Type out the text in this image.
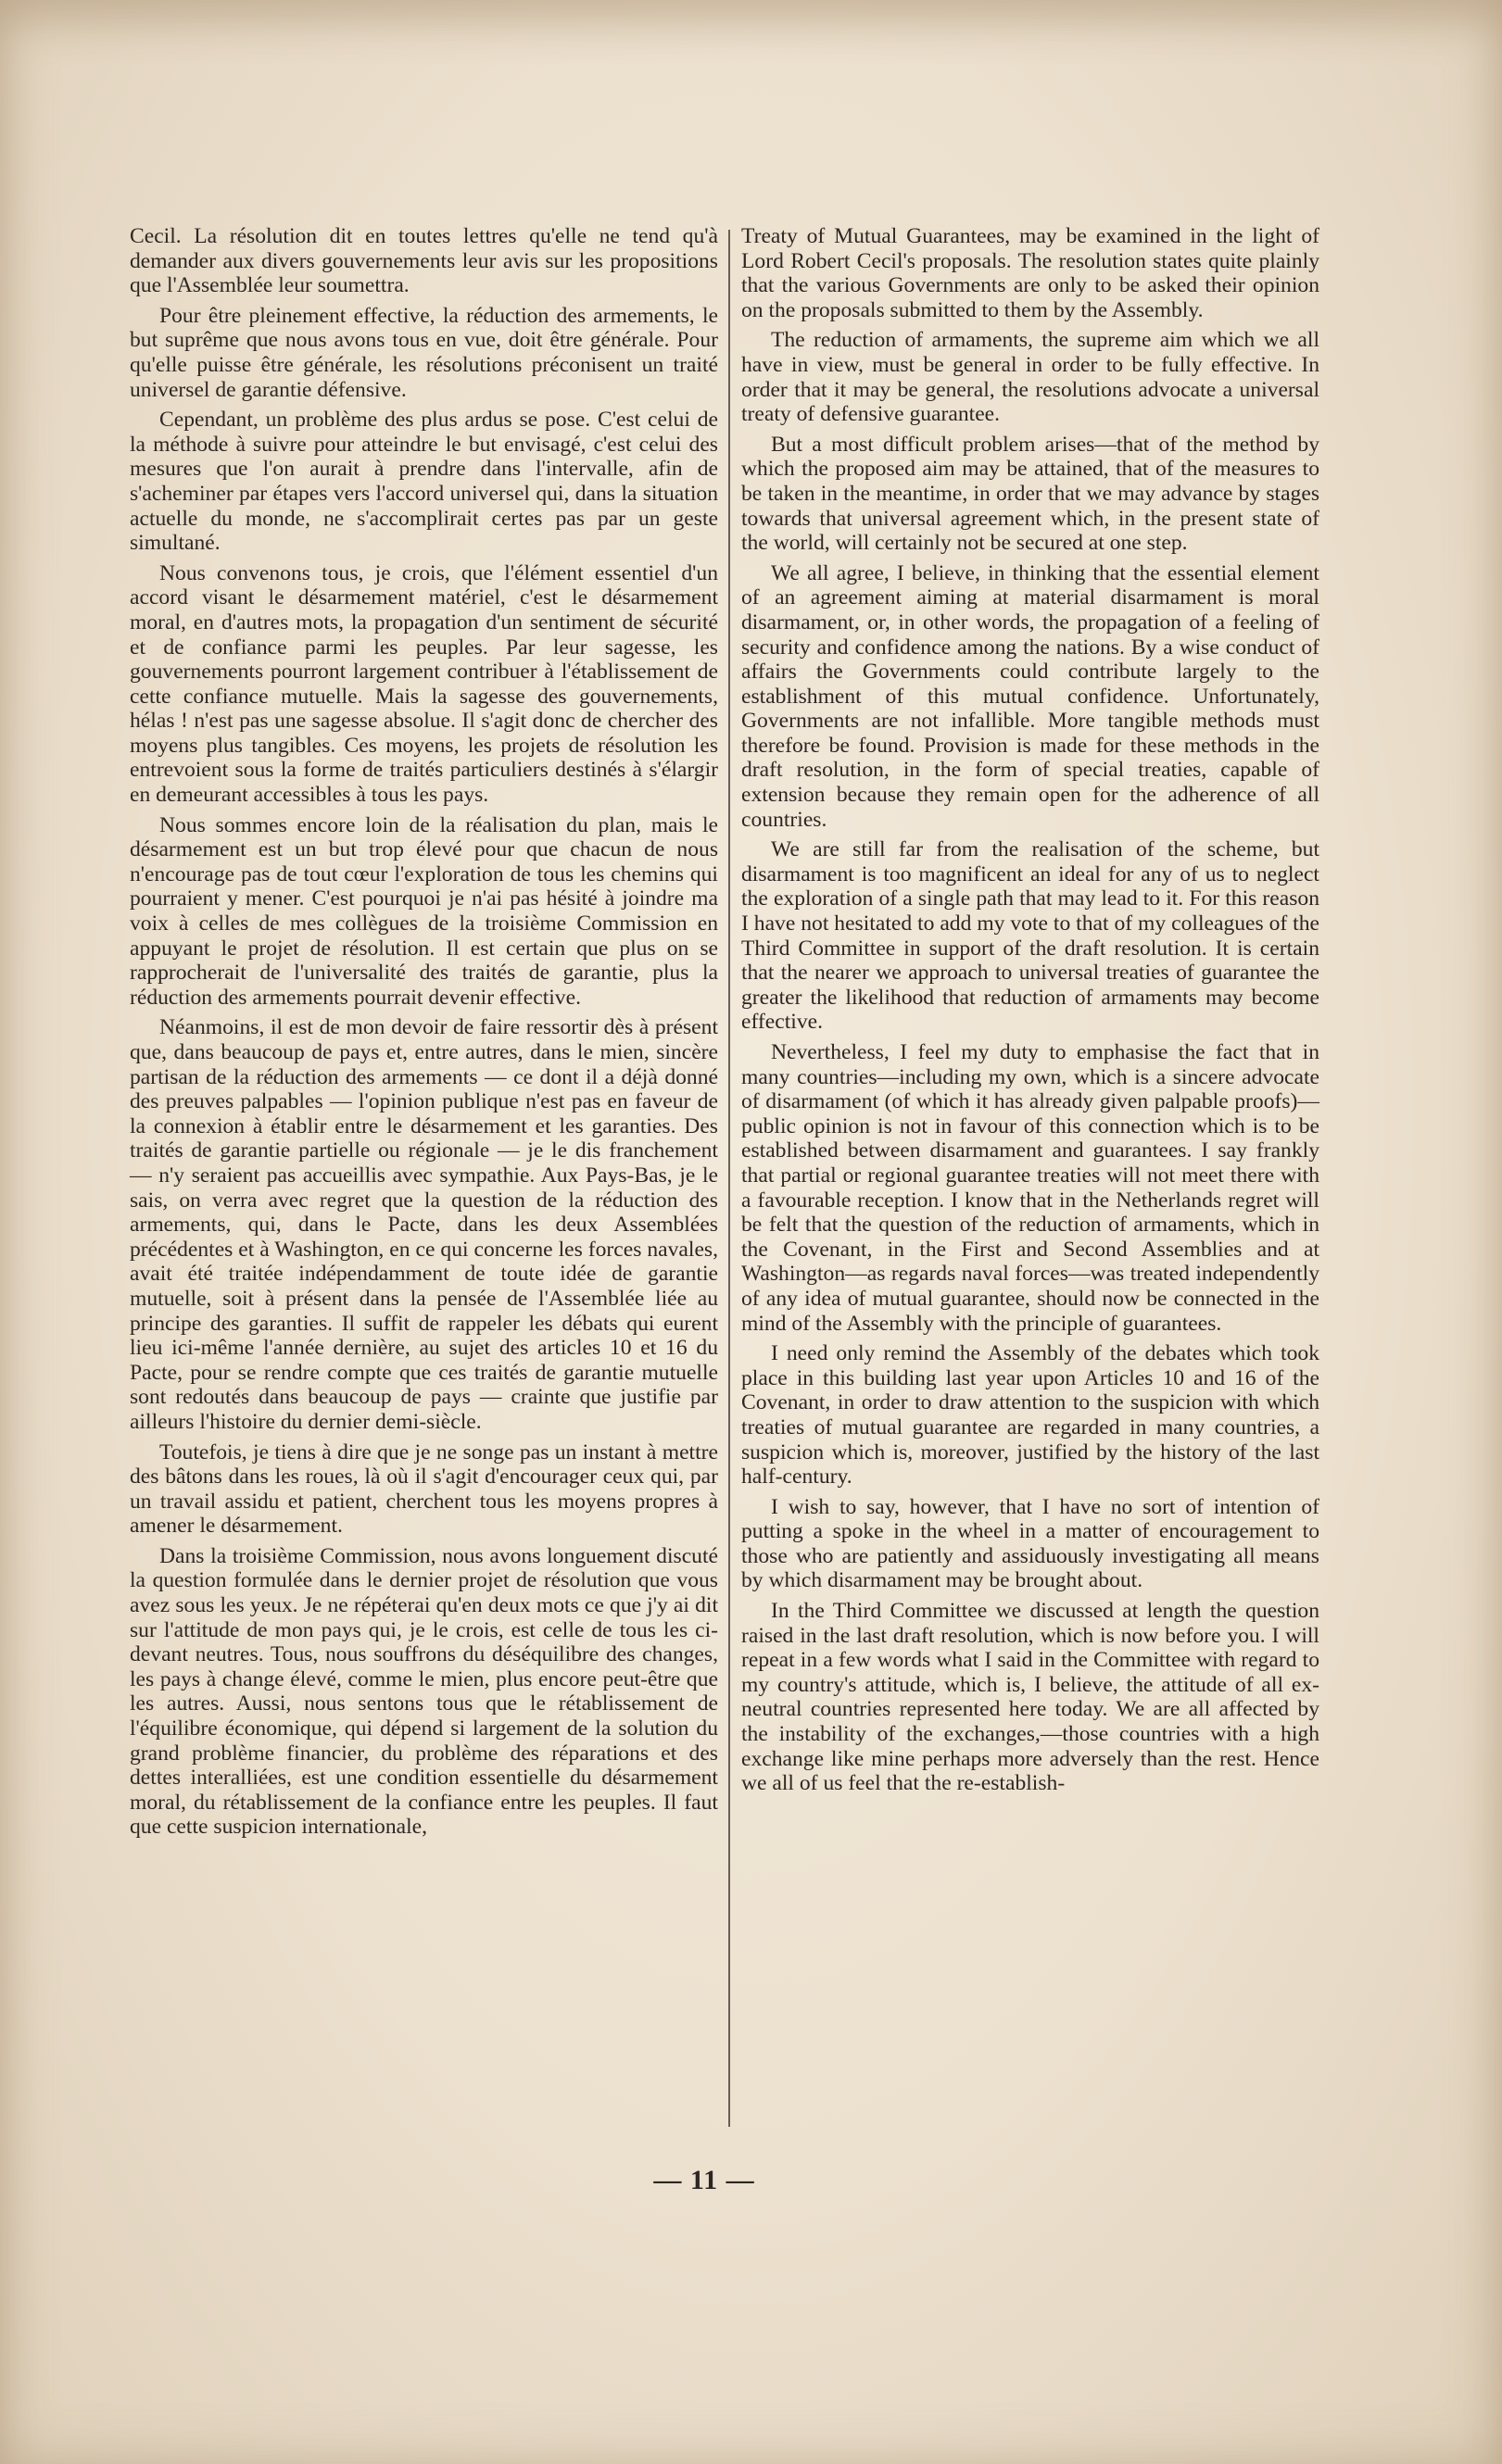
Cecil. La résolution dit en toutes lettres qu'elle ne tend qu'à demander aux divers gouvernements leur avis sur les propositions que l'Assemblée leur soumettra.

Pour être pleinement effective, la réduction des armements, le but suprême que nous avons tous en vue, doit être générale. Pour qu'elle puisse être générale, les résolutions préconisent un traité universel de garantie défensive.

Cependant, un problème des plus ardus se pose. C'est celui de la méthode à suivre pour atteindre le but envisagé, c'est celui des mesures que l'on aurait à prendre dans l'intervalle, afin de s'acheminer par étapes vers l'accord universel qui, dans la situation actuelle du monde, ne s'accomplirait certes pas par un geste simultané.

Nous convenons tous, je crois, que l'élément essentiel d'un accord visant le désarmement matériel, c'est le désarmement moral, en d'autres mots, la propagation d'un sentiment de sécurité et de confiance parmi les peuples. Par leur sagesse, les gouvernements pourront largement contribuer à l'établissement de cette confiance mutuelle. Mais la sagesse des gouvernements, hélas ! n'est pas une sagesse absolue. Il s'agit donc de chercher des moyens plus tangibles. Ces moyens, les projets de résolution les entrevoient sous la forme de traités particuliers destinés à s'élargir en demeurant accessibles à tous les pays.

Nous sommes encore loin de la réalisation du plan, mais le désarmement est un but trop élevé pour que chacun de nous n'encourage pas de tout cœur l'exploration de tous les chemins qui pourraient y mener. C'est pourquoi je n'ai pas hésité à joindre ma voix à celles de mes collègues de la troisième Commission en appuyant le projet de résolution. Il est certain que plus on se rapprocherait de l'universalité des traités de garantie, plus la réduction des armements pourrait devenir effective.

Néanmoins, il est de mon devoir de faire ressortir dès à présent que, dans beaucoup de pays et, entre autres, dans le mien, sincère partisan de la réduction des armements — ce dont il a déjà donné des preuves palpables — l'opinion publique n'est pas en faveur de la connexion à établir entre le désarmement et les garanties. Des traités de garantie partielle ou régionale — je le dis franchement — n'y seraient pas accueillis avec sympathie. Aux Pays-Bas, je le sais, on verra avec regret que la question de la réduction des armements, qui, dans le Pacte, dans les deux Assemblées précédentes et à Washington, en ce qui concerne les forces navales, avait été traitée indépendamment de toute idée de garantie mutuelle, soit à présent dans la pensée de l'Assemblée liée au principe des garanties. Il suffit de rappeler les débats qui eurent lieu ici-même l'année dernière, au sujet des articles 10 et 16 du Pacte, pour se rendre compte que ces traités de garantie mutuelle sont redoutés dans beaucoup de pays — crainte que justifie par ailleurs l'histoire du dernier demi-siècle.

Toutefois, je tiens à dire que je ne songe pas un instant à mettre des bâtons dans les roues, là où il s'agit d'encourager ceux qui, par un travail assidu et patient, cherchent tous les moyens propres à amener le désarmement.

Dans la troisième Commission, nous avons longuement discuté la question formulée dans le dernier projet de résolution que vous avez sous les yeux. Je ne répéterai qu'en deux mots ce que j'y ai dit sur l'attitude de mon pays qui, je le crois, est celle de tous les ci-devant neutres. Tous, nous souffrons du déséquilibre des changes, les pays à change élevé, comme le mien, plus encore peut-être que les autres. Aussi, nous sentons tous que le rétablissement de l'équilibre économique, qui dépend si largement de la solution du grand problème financier, du problème des réparations et des dettes interalliées, est une condition essentielle du désarmement moral, du rétablissement de la confiance entre les peuples. Il faut que cette suspicion internationale,

Treaty of Mutual Guarantees, may be examined in the light of Lord Robert Cecil's proposals. The resolution states quite plainly that the various Governments are only to be asked their opinion on the proposals submitted to them by the Assembly.

The reduction of armaments, the supreme aim which we all have in view, must be general in order to be fully effective. In order that it may be general, the resolutions advocate a universal treaty of defensive guarantee.

But a most difficult problem arises—that of the method by which the proposed aim may be attained, that of the measures to be taken in the meantime, in order that we may advance by stages towards that universal agreement which, in the present state of the world, will certainly not be secured at one step.

We all agree, I believe, in thinking that the essential element of an agreement aiming at material disarmament is moral disarmament, or, in other words, the propagation of a feeling of security and confidence among the nations. By a wise conduct of affairs the Governments could contribute largely to the establishment of this mutual confidence. Unfortunately, Governments are not infallible. More tangible methods must therefore be found. Provision is made for these methods in the draft resolution, in the form of special treaties, capable of extension because they remain open for the adherence of all countries.

We are still far from the realisation of the scheme, but disarmament is too magnificent an ideal for any of us to neglect the exploration of a single path that may lead to it. For this reason I have not hesitated to add my vote to that of my colleagues of the Third Committee in support of the draft resolution. It is certain that the nearer we approach to universal treaties of guarantee the greater the likelihood that reduction of armaments may become effective.

Nevertheless, I feel my duty to emphasise the fact that in many countries—including my own, which is a sincere advocate of disarmament (of which it has already given palpable proofs)—public opinion is not in favour of this connection which is to be established between disarmament and guarantees. I say frankly that partial or regional guarantee treaties will not meet there with a favourable reception. I know that in the Netherlands regret will be felt that the question of the reduction of armaments, which in the Covenant, in the First and Second Assemblies and at Washington—as regards naval forces—was treated independently of any idea of mutual guarantee, should now be connected in the mind of the Assembly with the principle of guarantees.

I need only remind the Assembly of the debates which took place in this building last year upon Articles 10 and 16 of the Covenant, in order to draw attention to the suspicion with which treaties of mutual guarantee are regarded in many countries, a suspicion which is, moreover, justified by the history of the last half-century.

I wish to say, however, that I have no sort of intention of putting a spoke in the wheel in a matter of encouragement to those who are patiently and assiduously investigating all means by which disarmament may be brought about.

In the Third Committee we discussed at length the question raised in the last draft resolution, which is now before you. I will repeat in a few words what I said in the Committee with regard to my country's attitude, which is, I believe, the attitude of all ex-neutral countries represented here today. We are all affected by the instability of the exchanges,—those countries with a high exchange like mine perhaps more adversely than the rest. Hence we all of us feel that the re-establish-

— 11 —
